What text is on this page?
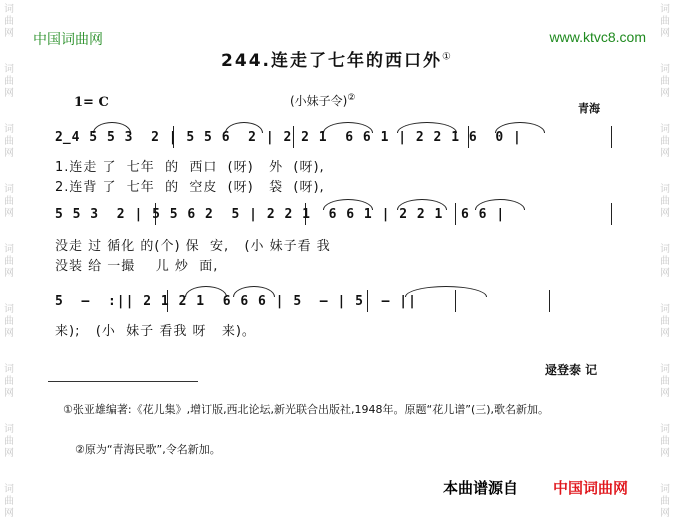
词
曲
网
词
曲
网
词
曲
网
词
曲
网
词
曲
网
词
曲
网
词
曲
网
词
曲
网
词
曲
网
词
曲
网
词
曲
网
词
曲
网
词
曲
网
词
曲
网
词
曲
网
词
曲
网
词
曲
网
词
曲
网
中国词曲网	www.ktvc8.com
244.连走了七年的西口外①
1= C	(小妹子令)②
青海
2̲4 5 5 3  2 | 5 5 6  2 | 2 2 1  6 6 1 | 2 2 1 6  0 |
1.连走 了  七年  的  西口  (呀)   外  (呀),
2.连背 了  七年  的  空皮  (呀)   袋  (呀),
5 5 3  2 | 5 5 6 2  5 | 2 2 1  6 6 1 | 2 2 1  6 6 |
没走 过 循化 的(个) 保  安,   (小 妹子看 我
没装 给 一撮    儿 炒  面,
5  —  :|| 2 1 2 1  6 6 6 | 5  — | 5  — ||
来);   (小  妹子 看我 呀   来)。
逯登泰 记
①张亚雄编著:《花儿集》,增订版,西北论坛,新光联合出版社,1948年。原题“花儿谱”(三),歌名新加。
②原为“青海民歌”,令名新加。
本曲谱源自 中国词曲网
